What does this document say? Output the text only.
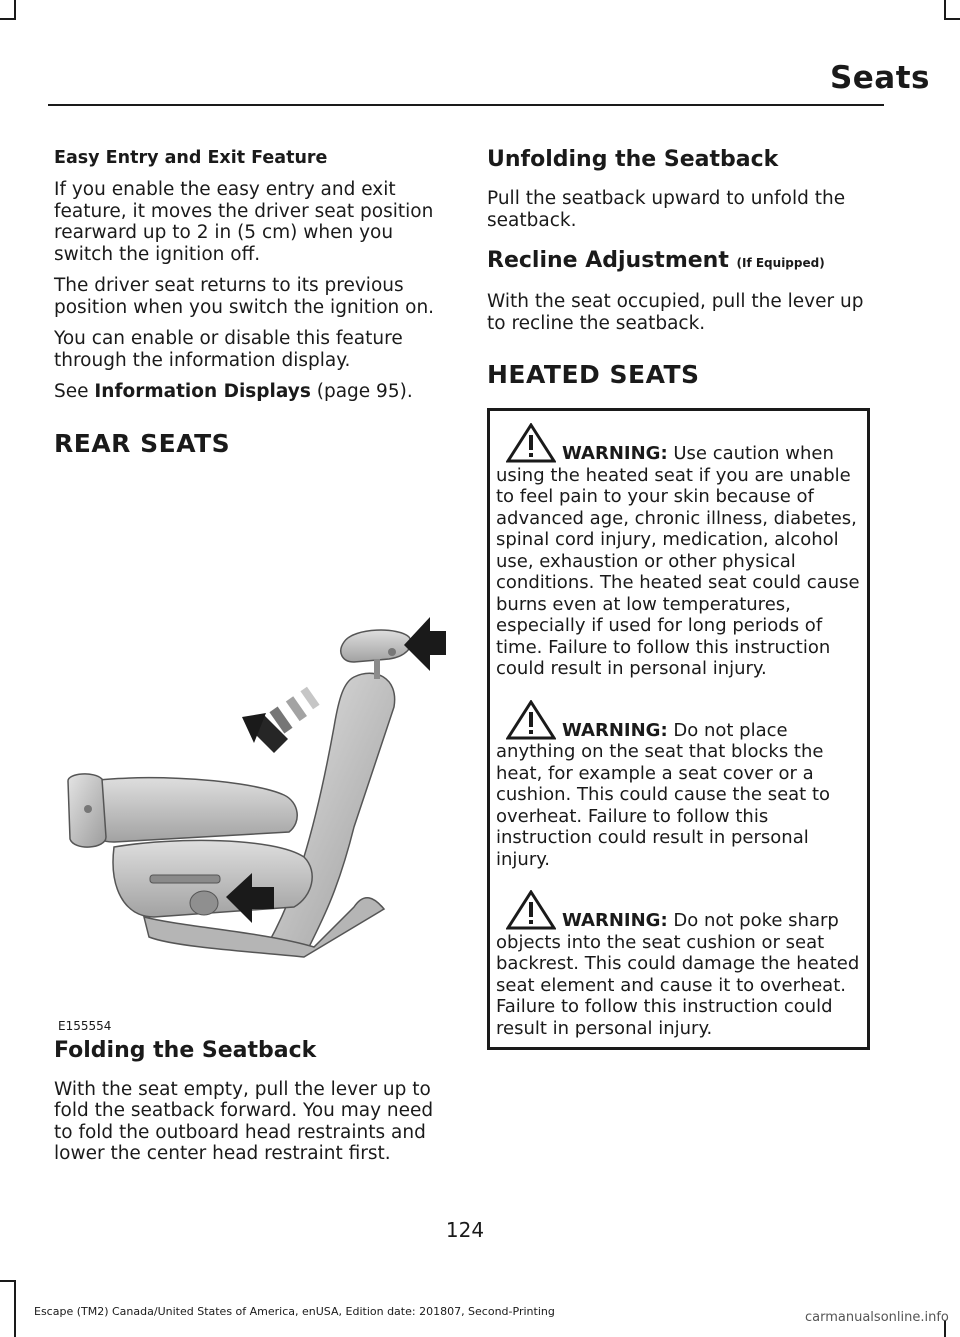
Seats
Easy Entry and Exit Feature

If you enable the easy entry and exit feature, it moves the driver seat position rearward up to 2 in (5 cm) when you switch the ignition off.

The driver seat returns to its previous position when you switch the ignition on.

You can enable or disable this feature through the information display.

See Information Displays (page 95).

REAR SEATS
E155554
Folding the Seatback

With the seat empty, pull the lever up to fold the seatback forward. You may need to fold the outboard head restraints and lower the center head restraint first.

Unfolding the Seatback

Pull the seatback upward to unfold the seatback.

Recline Adjustment (If Equipped)

With the seat occupied, pull the lever up to recline the seatback.

HEATED SEATS

WARNING: Use caution when using the heated seat if you are unable to feel pain to your skin because of advanced age, chronic illness, diabetes, spinal cord injury, medication, alcohol use, exhaustion or other physical conditions. The heated seat could cause burns even at low temperatures, especially if used for long periods of time. Failure to follow this instruction could result in personal injury.

WARNING: Do not place anything on the seat that blocks the heat, for example a seat cover or a cushion. This could cause the seat to overheat. Failure to follow this instruction could result in personal injury.

WARNING: Do not poke sharp objects into the seat cushion or seat backrest. This could damage the heated seat element and cause it to overheat. Failure to follow this instruction could result in personal injury.

124
Escape (TM2) Canada/United States of America, enUSA, Edition date: 201807, Second-Printing	carmanualsonline.info
